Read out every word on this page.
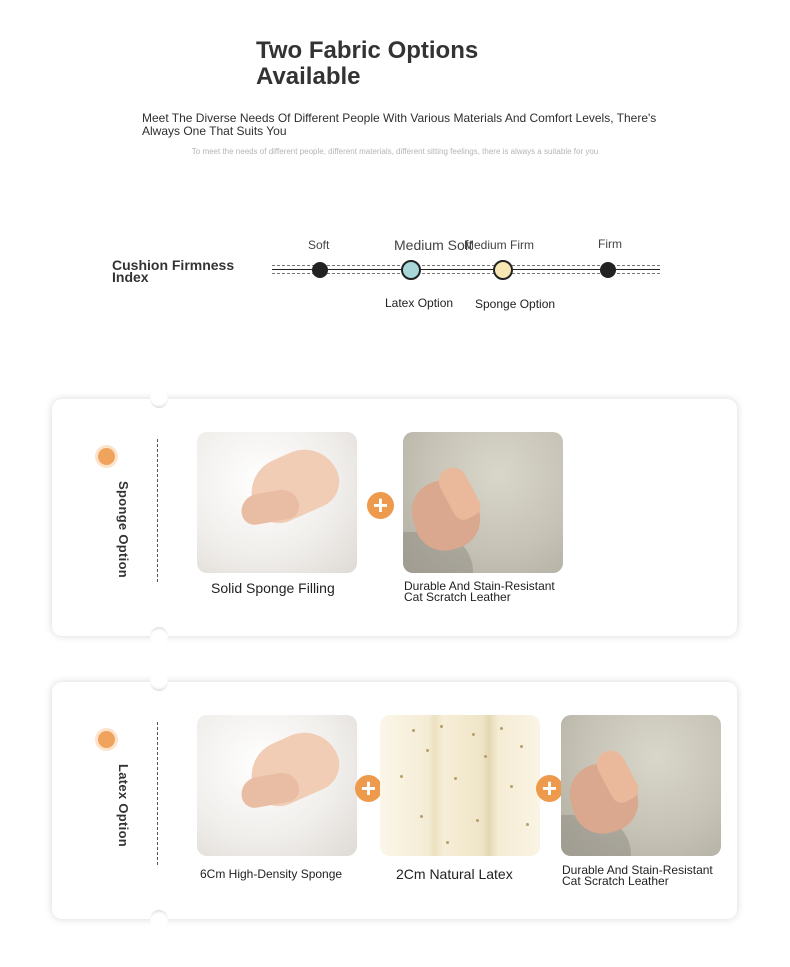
Two Fabric Options Available
Meet The Diverse Needs Of Different People With Various Materials And Comfort Levels, There's Always One That Suits You
To meet the needs of different people, different materials, different sitting feelings, there is always a suitable for you
Cushion Firmness Index
Soft	Medium Soft
Medium Firm	Firm
Latex Option Sponge Option
Sponge Option	+
Solid Sponge Filling	Durable And Stain-Resistant Cat Scratch Leather
Latex Option	+	+
6Cm High-Density Sponge	2Cm Natural Latex	Durable And Stain-Resistant Cat Scratch Leather
